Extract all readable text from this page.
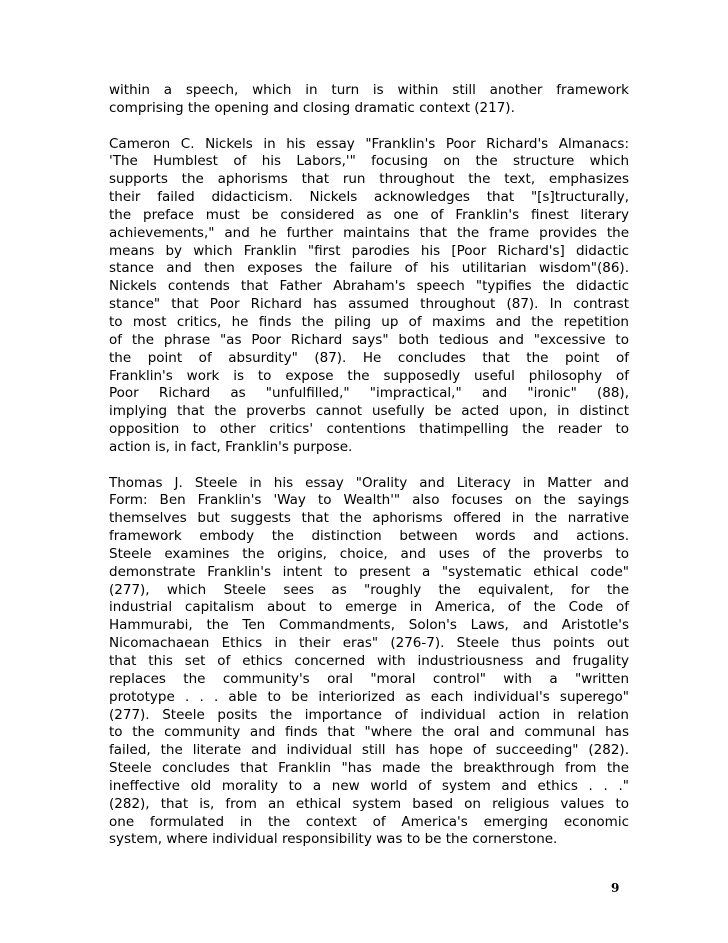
within a speech, which in turn is within still another framework
comprising the opening and closing dramatic context (217).
Cameron C. Nickels in his essay "Franklin's Poor Richard's Almanacs:
'The Humblest of his Labors,'" focusing on the structure which
supports the aphorisms that run throughout the text, emphasizes
their failed didacticism. Nickels acknowledges that "[s]tructurally,
the preface must be considered as one of Franklin's finest literary
achievements," and he further maintains that the frame provides the
means by which Franklin "first parodies his [Poor Richard's] didactic
stance and then exposes the failure of his utilitarian wisdom"(86).
Nickels contends that Father Abraham's speech "typifies the didactic
stance" that Poor Richard has assumed throughout (87). In contrast
to most critics, he finds the piling up of maxims and the repetition
of the phrase "as Poor Richard says" both tedious and "excessive to
the point of absurdity" (87). He concludes that the point of
Franklin's work is to expose the supposedly useful philosophy of
Poor Richard as "unfulfilled," "impractical," and "ironic" (88),
implying that the proverbs cannot usefully be acted upon, in distinct
opposition to other critics' contentions thatimpelling the reader to
action is, in fact, Franklin's purpose.
Thomas J. Steele in his essay "Orality and Literacy in Matter and
Form: Ben Franklin's 'Way to Wealth'" also focuses on the sayings
themselves but suggests that the aphorisms offered in the narrative
framework embody the distinction between words and actions.
Steele examines the origins, choice, and uses of the proverbs to
demonstrate Franklin's intent to present a "systematic ethical code"
(277), which Steele sees as "roughly the equivalent, for the
industrial capitalism about to emerge in America, of the Code of
Hammurabi, the Ten Commandments, Solon's Laws, and Aristotle's
Nicomachaean Ethics in their eras" (276-7). Steele thus points out
that this set of ethics concerned with industriousness and frugality
replaces the community's oral "moral control" with a "written
prototype . . . able to be interiorized as each individual's superego"
(277). Steele posits the importance of individual action in relation
to the community and finds that "where the oral and communal has
failed, the literate and individual still has hope of succeeding" (282).
Steele concludes that Franklin "has made the breakthrough from the
ineffective old morality to a new world of system and ethics . . ."
(282), that is, from an ethical system based on religious values to
one formulated in the context of America's emerging economic
system, where individual responsibility was to be the cornerstone.
9
